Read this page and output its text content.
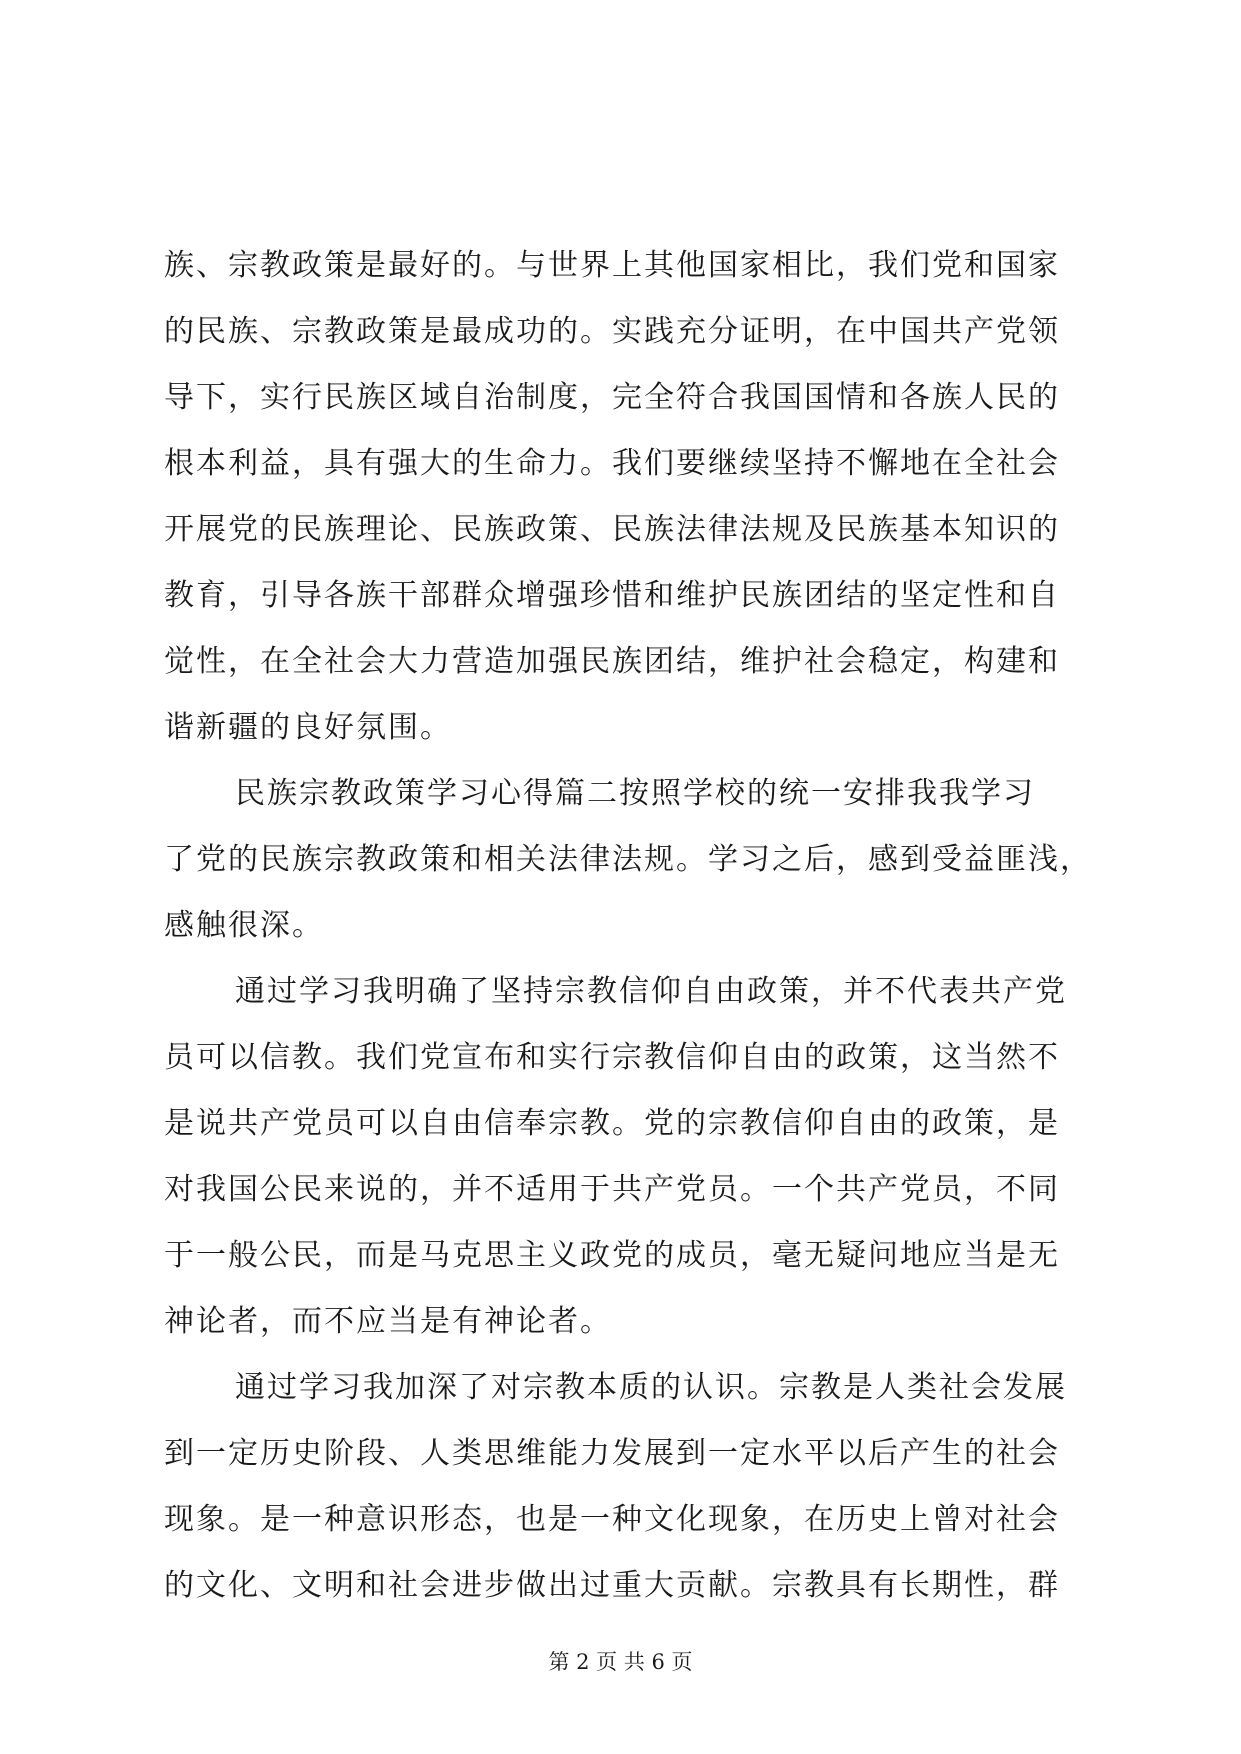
族、宗教政策是最好的。与世界上其他国家相比，我们党和国家
的民族、宗教政策是最成功的。实践充分证明，在中国共产党领
导下，实行民族区域自治制度，完全符合我国国情和各族人民的
根本利益，具有强大的生命力。我们要继续坚持不懈地在全社会
开展党的民族理论、民族政策、民族法律法规及民族基本知识的
教育，引导各族干部群众增强珍惜和维护民族团结的坚定性和自
觉性，在全社会大力营造加强民族团结，维护社会稳定，构建和
谐新疆的良好氛围。
民族宗教政策学习心得篇二按照学校的统一安排我我学习
了党的民族宗教政策和相关法律法规。学习之后，感到受益匪浅，
感触很深。
通过学习我明确了坚持宗教信仰自由政策，并不代表共产党
员可以信教。我们党宣布和实行宗教信仰自由的政策，这当然不
是说共产党员可以自由信奉宗教。党的宗教信仰自由的政策，是
对我国公民来说的，并不适用于共产党员。一个共产党员，不同
于一般公民，而是马克思主义政党的成员，毫无疑问地应当是无
神论者，而不应当是有神论者。
通过学习我加深了对宗教本质的认识。宗教是人类社会发展
到一定历史阶段、人类思维能力发展到一定水平以后产生的社会
现象。是一种意识形态，也是一种文化现象，在历史上曾对社会
的文化、文明和社会进步做出过重大贡献。宗教具有长期性，群
第 2 页 共 6 页
